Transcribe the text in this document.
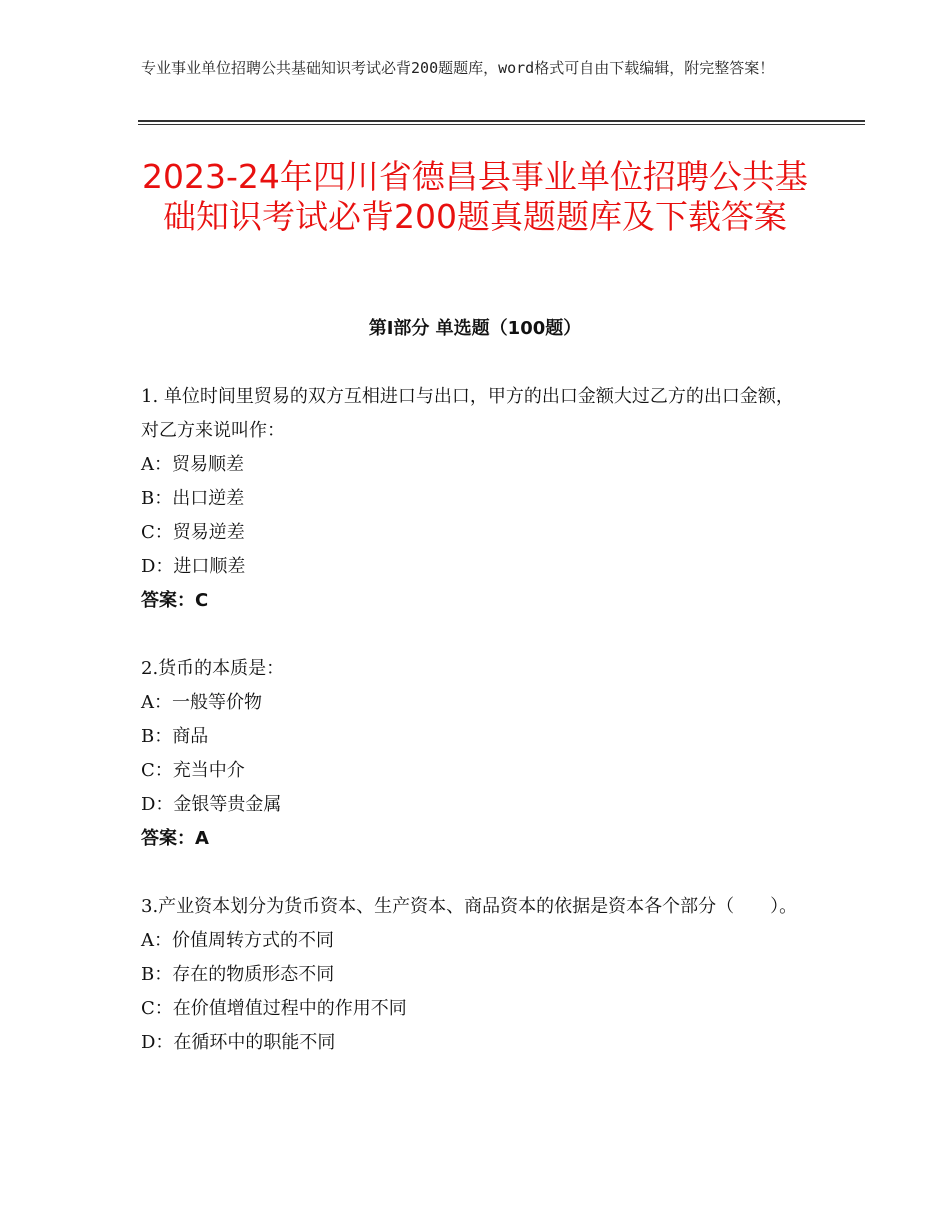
专业事业单位招聘公共基础知识考试必背200题题库，word格式可自由下载编辑，附完整答案！
2023-24年四川省德昌县事业单位招聘公共基础知识考试必背200题真题题库及下载答案
第Ⅰ部分 单选题（100题）
1. 单位时间里贸易的双方互相进口与出口，甲方的出口金额大过乙方的出口金额，对乙方来说叫作：
A：贸易顺差
B：出口逆差
C：贸易逆差
D：进口顺差
答案：C
2.货币的本质是：
A：一般等价物
B：商品
C：充当中介
D：金银等贵金属
答案：A
3.产业资本划分为货币资本、生产资本、商品资本的依据是资本各个部分（　　）。
A：价值周转方式的不同
B：存在的物质形态不同
C：在价值增值过程中的作用不同
D：在循环中的职能不同
